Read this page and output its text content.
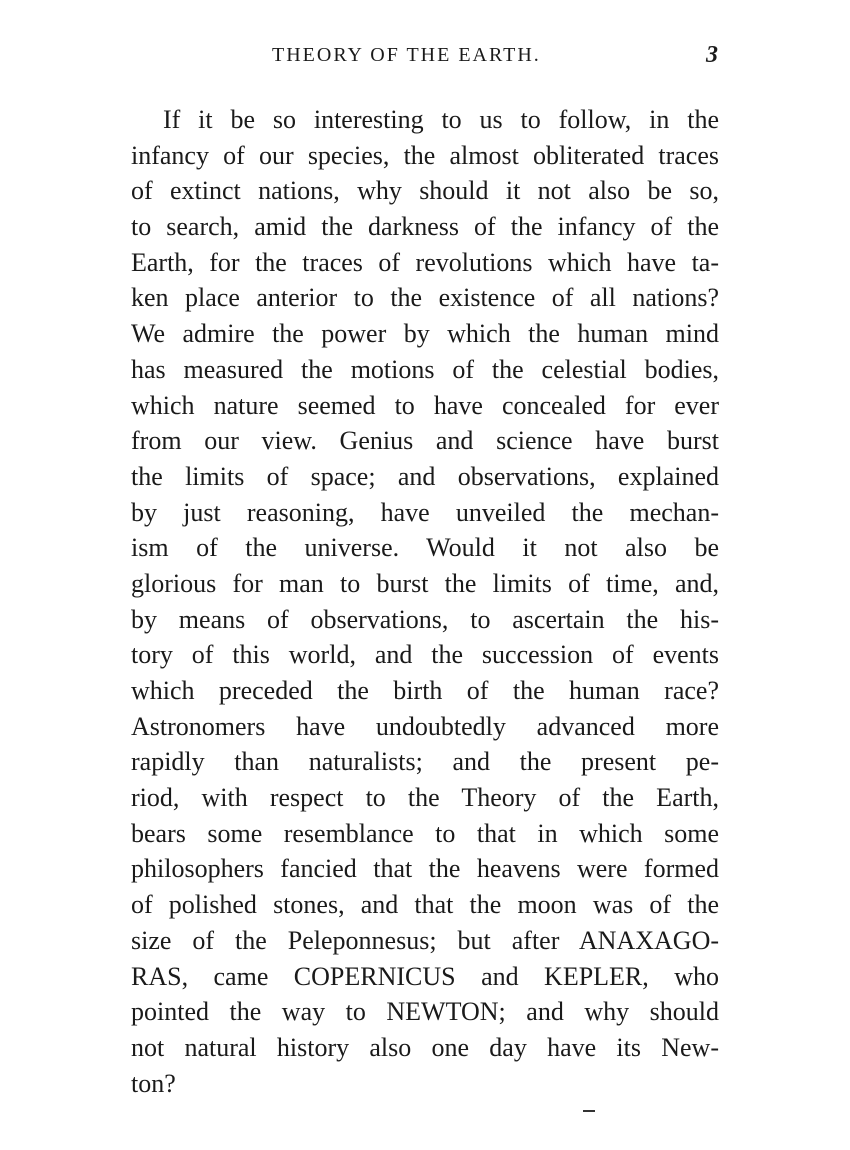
THEORY OF THE EARTH.	3
If it be so interesting to us to follow, in the
infancy of our species, the almost obliterated traces
of extinct nations, why should it not also be so,
to search, amid the darkness of the infancy of the
Earth, for the traces of revolutions which have ta-
ken place anterior to the existence of all nations?
We admire the power by which the human mind
has measured the motions of the celestial bodies,
which nature seemed to have concealed for ever
from our view. Genius and science have burst
the limits of space; and observations, explained
by just reasoning, have unveiled the mechan-
ism of the universe. Would it not also be
glorious for man to burst the limits of time, and,
by means of observations, to ascertain the his-
tory of this world, and the succession of events
which preceded the birth of the human race?
Astronomers have undoubtedly advanced more
rapidly than naturalists; and the present pe-
riod, with respect to the Theory of the Earth,
bears some resemblance to that in which some
philosophers fancied that the heavens were formed
of polished stones, and that the moon was of the
size of the Peleponnesus; but after ANAXAGO-
RAS, came COPERNICUS and KEPLER, who
pointed the way to NEWTON; and why should
not natural history also one day have its New-
ton?
